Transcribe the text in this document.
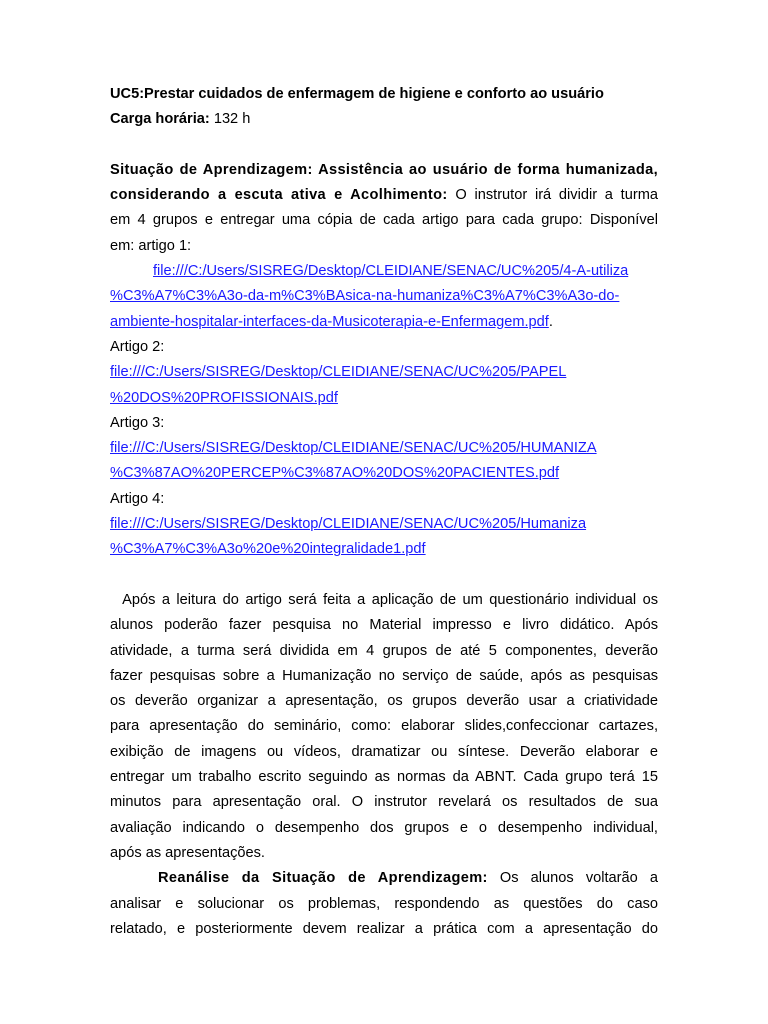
UC5:Prestar cuidados de enfermagem de higiene e conforto ao usuário
Carga horária: 132 h
Situação de Aprendizagem: Assistência ao usuário de forma humanizada,
considerando a escuta ativa e Acolhimento: O instrutor irá dividir a turma
em 4 grupos e entregar uma cópia de cada artigo para cada grupo: Disponível
em: artigo 1:
file:///C:/Users/SISREG/Desktop/CLEIDIANE/SENAC/UC%205/4-A-utiliza
%C3%A7%C3%A3o-da-m%C3%BAsica-na-humaniza%C3%A7%C3%A3o-do-
ambiente-hospitalar-interfaces-da-Musicoterapia-e-Enfermagem.pdf.
Artigo 2:
file:///C:/Users/SISREG/Desktop/CLEIDIANE/SENAC/UC%205/PAPEL
%20DOS%20PROFISSIONAIS.pdf
Artigo 3:
file:///C:/Users/SISREG/Desktop/CLEIDIANE/SENAC/UC%205/HUMANIZA
%C3%87AO%20PERCEP%C3%87AO%20DOS%20PACIENTES.pdf
Artigo 4:
file:///C:/Users/SISREG/Desktop/CLEIDIANE/SENAC/UC%205/Humaniza
%C3%A7%C3%A3o%20e%20integralidade1.pdf
Após a leitura do artigo será feita a aplicação de um questionário individual os
alunos poderão fazer pesquisa no Material impresso e livro didático. Após
atividade, a turma será dividida em 4 grupos de até 5 componentes, deverão
fazer pesquisas sobre a Humanização no serviço de saúde, após as pesquisas
os deverão organizar a apresentação, os grupos deverão usar a criatividade
para apresentação do seminário, como: elaborar slides,confeccionar cartazes,
exibição de imagens ou vídeos, dramatizar ou síntese. Deverão elaborar e
entregar um trabalho escrito seguindo as normas da ABNT. Cada grupo terá 15
minutos para apresentação oral. O instrutor revelará os resultados de sua
avaliação indicando o desempenho dos grupos e o desempenho individual,
após as apresentações.
Reanálise da Situação de Aprendizagem: Os alunos voltarão a
analisar e solucionar os problemas, respondendo as questões do caso
relatado, e posteriormente devem realizar a prática com a apresentação do
